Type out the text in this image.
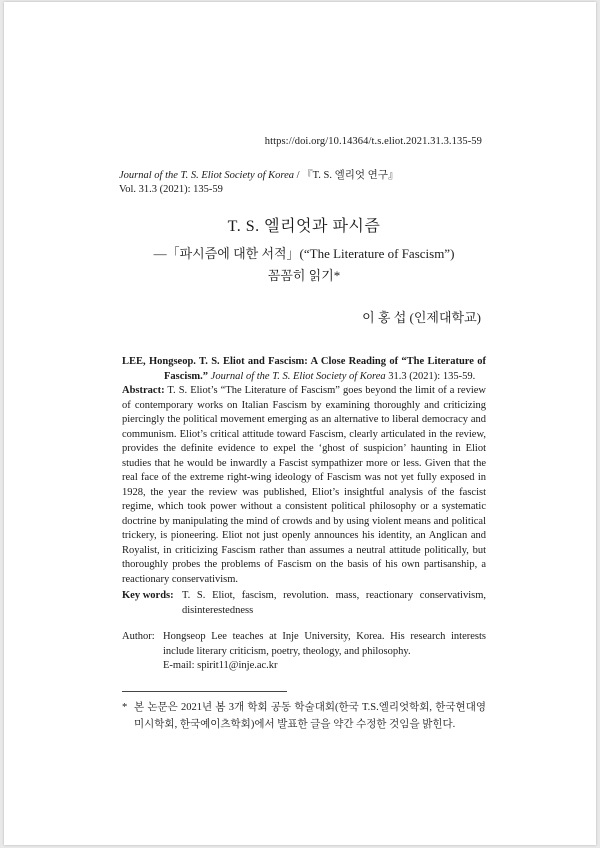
https://doi.org/10.14364/t.s.eliot.2021.31.3.135-59
Journal of the T. S. Eliot Society of Korea / 『T. S. 엘리엇 연구』
Vol. 31.3 (2021): 135-59
T. S. 엘리엇과 파시즘
—「파시즘에 대한 서적」(“The Literature of Fascism”)
꼼꼼히 읽기*
이 홍 섭 (인제대학교)
LEE, Hongseop. T. S. Eliot and Fascism: A Close Reading of “The Literature of Fascism.” Journal of the T. S. Eliot Society of Korea 31.3 (2021): 135-59.
Abstract: T. S. Eliot’s “The Literature of Fascism” goes beyond the limit of a review of contemporary works on Italian Fascism by examining thoroughly and criticizing piercingly the political movement emerging as an alternative to liberal democracy and communism. Eliot’s critical attitude toward Fascism, clearly articulated in the review, provides the definite evidence to expel the ‘ghost of suspicion’ haunting in Eliot studies that he would be inwardly a Fascist sympathizer more or less. Given that the real face of the extreme right-wing ideology of Fascism was not yet fully exposed in 1928, the year the review was published, Eliot’s insightful analysis of the fascist regime, which took power without a consistent political philosophy or a systematic doctrine by manipulating the mind of crowds and by using violent means and political trickery, is pioneering. Eliot not just openly announces his identity, an Anglican and Royalist, in criticizing Fascism rather than assumes a neutral attitude politically, but thoroughly probes the problems of Fascism on the basis of his own partisanship, a reactionary conservativism.
Key words: T. S. Eliot, fascism, revolution. mass, reactionary conservativism, disinterestedness
Author: Hongseop Lee teaches at Inje University, Korea. His research interests include literary criticism, poetry, theology, and philosophy.
E-mail: spirit11@inje.ac.kr
* 본 논문은 2021년 봄 3개 학회 공동 학술대회(한국 T.S.엘리엇학회, 한국현대영미시학회, 한국예이츠학회)에서 발표한 글을 약간 수정한 것임을 밝힌다.
